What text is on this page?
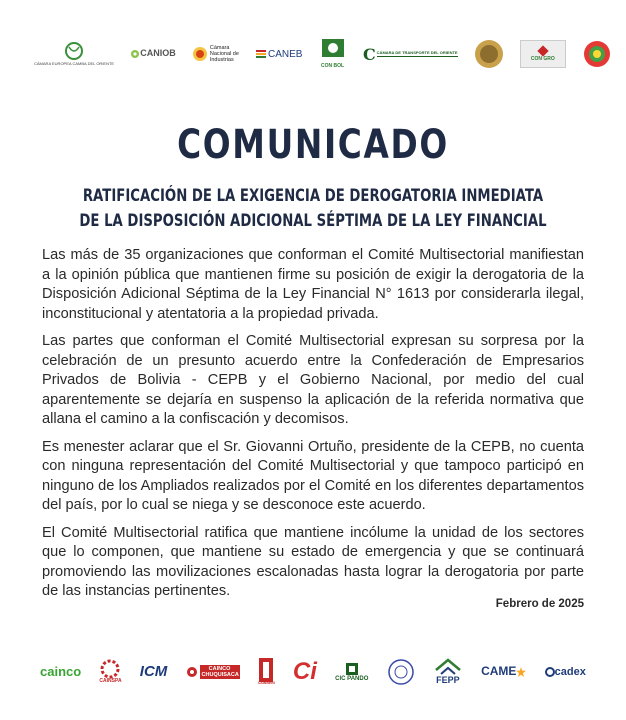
CÁMARA EUROPEA CAMBA DEL ORIENTE
CANIOB
Cámara Nacional de Industrias
CANEB
CON BOL
C CÁMARA DE TRANSPORTE DEL ORIENTE
CON GRO
COMUNICADO
RATIFICACIÓN DE LA EXIGENCIA DE DEROGATORIA INMEDIATA
DE LA DISPOSICIÓN ADICIONAL SÉPTIMA DE LA LEY FINANCIAL

Las más de 35 organizaciones que conforman el Comité Multisectorial manifiestan a la opinión pública que mantienen firme su posición de exigir la derogatoria de la Disposición Adicional Séptima de la Ley Financial N° 1613 por considerarla ilegal, inconstitucional y atentatoria a la propiedad privada.

Las partes que conforman el Comité Multisectorial expresan su sorpresa por la celebración de un presunto acuerdo entre la Confederación de Empresarios Privados de Bolivia - CEPB y el Gobierno Nacional, por medio del cual aparentemente se dejaría en suspenso la aplicación de la referida normativa que allana el camino a la confiscación y decomisos.

Es menester aclarar que el Sr. Giovanni Ortuño, presidente de la CEPB, no cuenta con ninguna representación del Comité Multisectorial y que tampoco participó en ninguno de los Ampliados realizados por el Comité en los diferentes departamentos del país, por lo cual se niega y se desconoce este acuerdo.

El Comité Multisectorial ratifica que mantiene incólume la unidad de los sectores que lo componen, que mantiene su estado de emergencia y que se continuará promoviendo las movilizaciones escalonadas hasta lograr la derogatoria por parte de las instancias pertinentes.

Febrero de 2025
cainco
CAINSPA
ICM	CAINCO CHUQUISACA
CAINBENI Ci	CIC PANDO	FEPP
CAME	cadex
